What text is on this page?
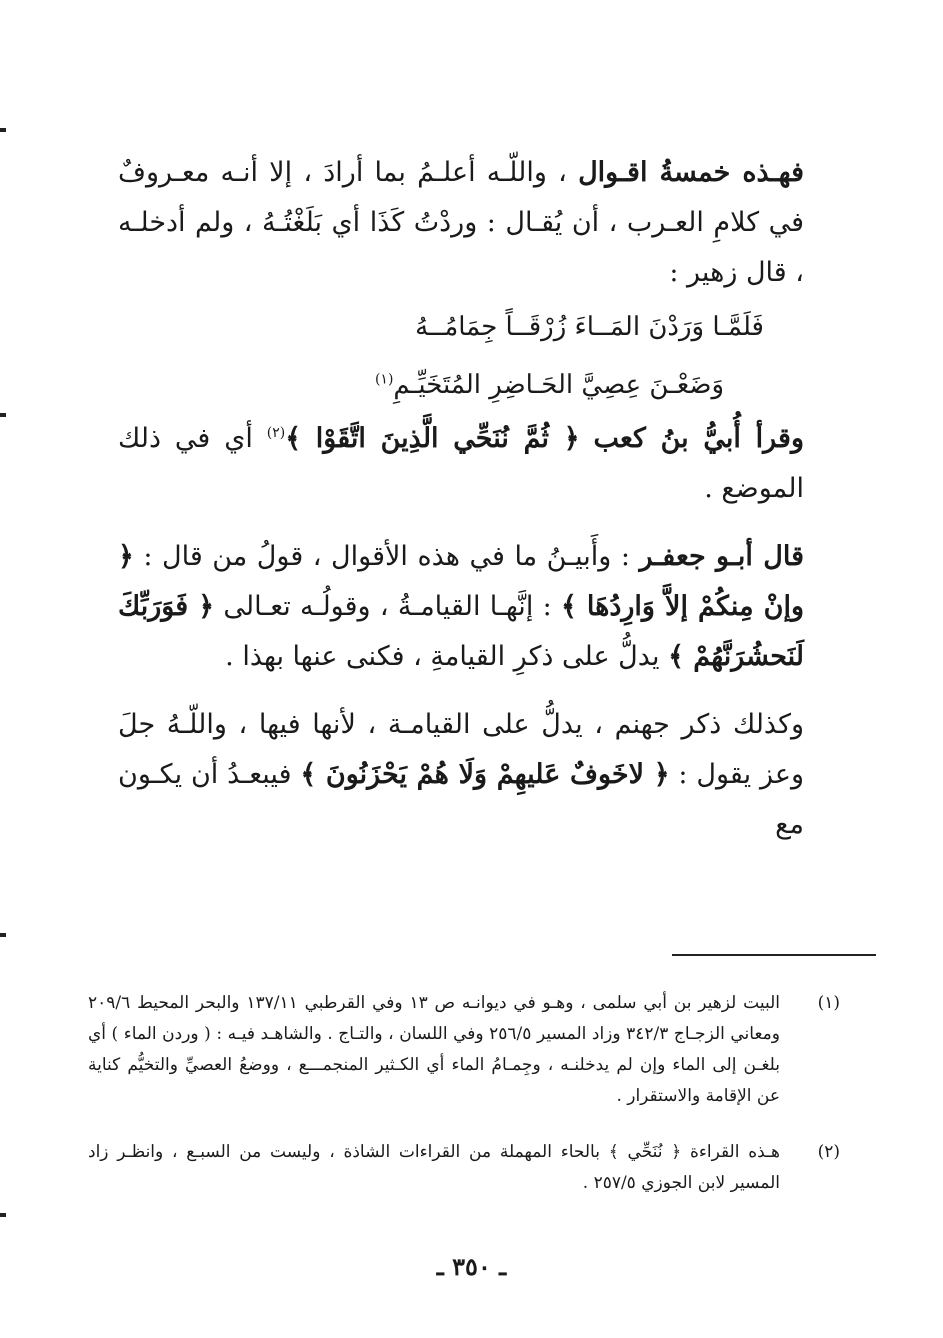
فهـذه خمسةُ اقـوال ، واللّـه أعلـمُ بما أرادَ ، إلا أنـه معـروفٌ في كلامِ العـرب ، أن يُقـال : وردْتُ كَذَا أي بَلَغْتُـهُ ، ولم أدخلـه ، قال زهير :

فَلَمَّـا وَرَدْنَ المَــاءَ زُرْقَــاً جِمَامُــهُ

وَضَعْـنَ عِصِيَّ الحَـاضِرِ المُتَخَيِّـمِ$^{(١)}$

وقرأ أُبيُّ بنُ كعب ﴿ ثُمَّ نُنَحِّي الَّذِينَ اتَّقَوْا ﴾$^{(٢)}$ أي في ذلك الموضع .

قال أبـو جعفـر : وأَبيـنُ ما في هذه الأقوال ، قولُ من قال : ﴿ وإنْ مِنكُمْ إلاَّ وَارِدُهَا ﴾ : إنَّهـا القيامـةُ ، وقولُـه تعـالى ﴿ فَوَرَبِّكَ لَنَحشُرَنَّهُمْ ﴾ يدلُّ على ذكرِ القيامةِ ، فكنى عنها بهذا .

وكذلك ذكر جهنم ، يدلُّ على القيامـة ، لأنها فيها ، واللّـهُ جلَ وعز يقول : ﴿ لاخَوفٌ عَليهِمْ وَلَا هُمْ يَحْزَنُونَ ﴾ فيبعـدُ أن يكـون مع

(١)
البيت لزهير بن أبي سلمى ، وهـو في ديوانـه ص ١٣ وفي القرطبي ١٣٧/١١ والبحر المحيط ٢٠٩/٦ ومعاني الزجـاج ٣٤٢/٣ وزاد المسير ٢٥٦/٥ وفي اللسان ، والتـاج . والشاهـد فيـه : ( وردن الماء ) أي بلغـن إلى الماء وإن لم يدخلنـه ، وجِمـامُ الماء أي الكـثير المنجمـــع ، ووضعُ العصيِّ والتخيُّم كناية عن الإقامة والاستقرار .
(٢)
هـذه القراءة ﴿ نُنَحِّي ﴾ بالحاء المهملة من القراءات الشاذة ، وليست من السبـع ، وانظـر زاد المسير لابن الجوزي ٢٥٧/٥ .
ـ ٣٥٠ ـ
